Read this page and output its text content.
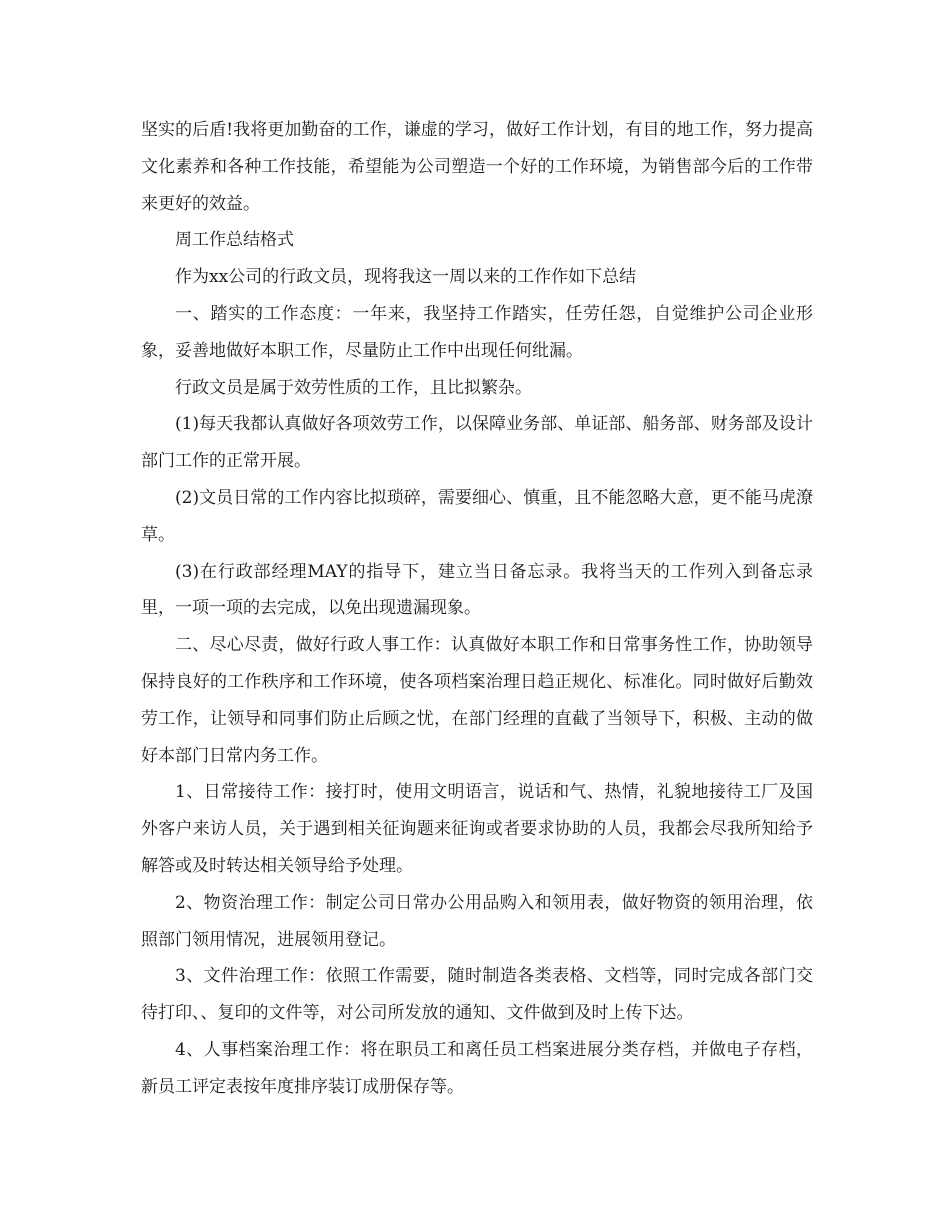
坚实的后盾!我将更加勤奋的工作，谦虚的学习，做好工作计划，有目的地工作，努力提高文化素养和各种工作技能，希望能为公司塑造一个好的工作环境，为销售部今后的工作带来更好的效益。

周工作总结格式

作为xx公司的行政文员，现将我这一周以来的工作作如下总结

一、踏实的工作态度：一年来，我坚持工作踏实，任劳任怨，自觉维护公司企业形象，妥善地做好本职工作，尽量防止工作中出现任何纰漏。

行政文员是属于效劳性质的工作，且比拟繁杂。

(1)每天我都认真做好各项效劳工作，以保障业务部、单证部、船务部、财务部及设计部门工作的正常开展。

(2)文员日常的工作内容比拟琐碎，需要细心、慎重，且不能忽略大意，更不能马虎潦草。

(3)在行政部经理MAY的指导下，建立当日备忘录。我将当天的工作列入到备忘录里，一项一项的去完成，以免出现遗漏现象。

二、尽心尽责，做好行政人事工作：认真做好本职工作和日常事务性工作，协助领导保持良好的工作秩序和工作环境，使各项档案治理日趋正规化、标准化。同时做好后勤效劳工作，让领导和同事们防止后顾之忧，在部门经理的直截了当领导下，积极、主动的做好本部门日常内务工作。

1、日常接待工作：接打时，使用文明语言，说话和气、热情，礼貌地接待工厂及国外客户来访人员，关于遇到相关征询题来征询或者要求协助的人员，我都会尽我所知给予解答或及时转达相关领导给予处理。

2、物资治理工作：制定公司日常办公用品购入和领用表，做好物资的领用治理，依照部门领用情况，进展领用登记。

3、文件治理工作：依照工作需要，随时制造各类表格、文档等，同时完成各部门交待打印、、复印的文件等，对公司所发放的通知、文件做到及时上传下达。

4、人事档案治理工作：将在职员工和离任员工档案进展分类存档，并做电子存档，新员工评定表按年度排序装订成册保存等。
